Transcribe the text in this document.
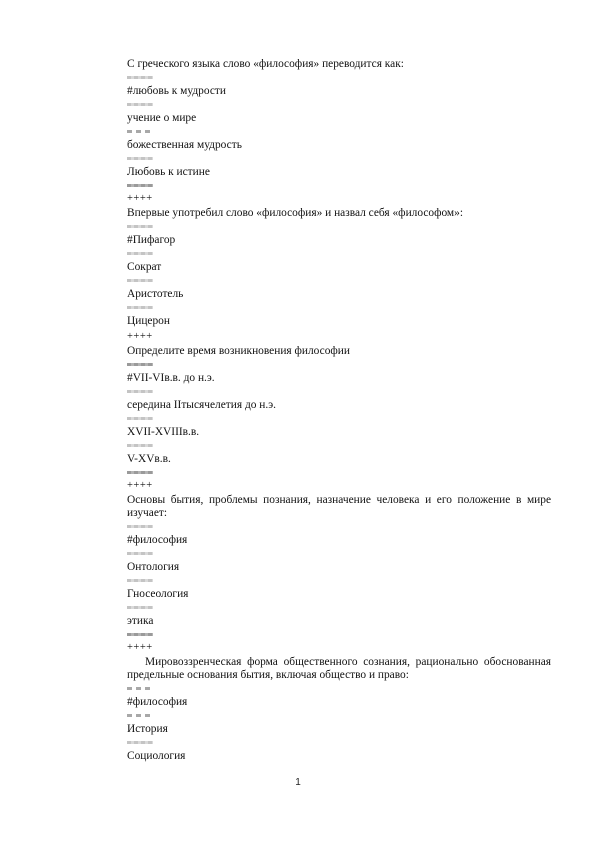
С греческого языка слово «философия» переводится как:
#любовь к мудрости
учение о мире
божественная мудрость
Любовь к истине
++++
Впервые употребил слово «философия» и назвал себя «философом»:
#Пифагор
Сократ
Аристотель
Цицерон
++++
Определите время возникновения философии
#VII-VIв.в. до н.э.
середина IIтысячелетия до н.э.
XVII-XVIIIв.в.
V-XVв.в.
++++
Основы бытия, проблемы познания, назначение человека и его положение в мире изучает:
#философия
Онтология
Гносеология
этика
++++
Мировоззренческая форма общественного сознания, рационально обоснованная предельные основания бытия, включая общество и право:
#философия
История
Социология
1
